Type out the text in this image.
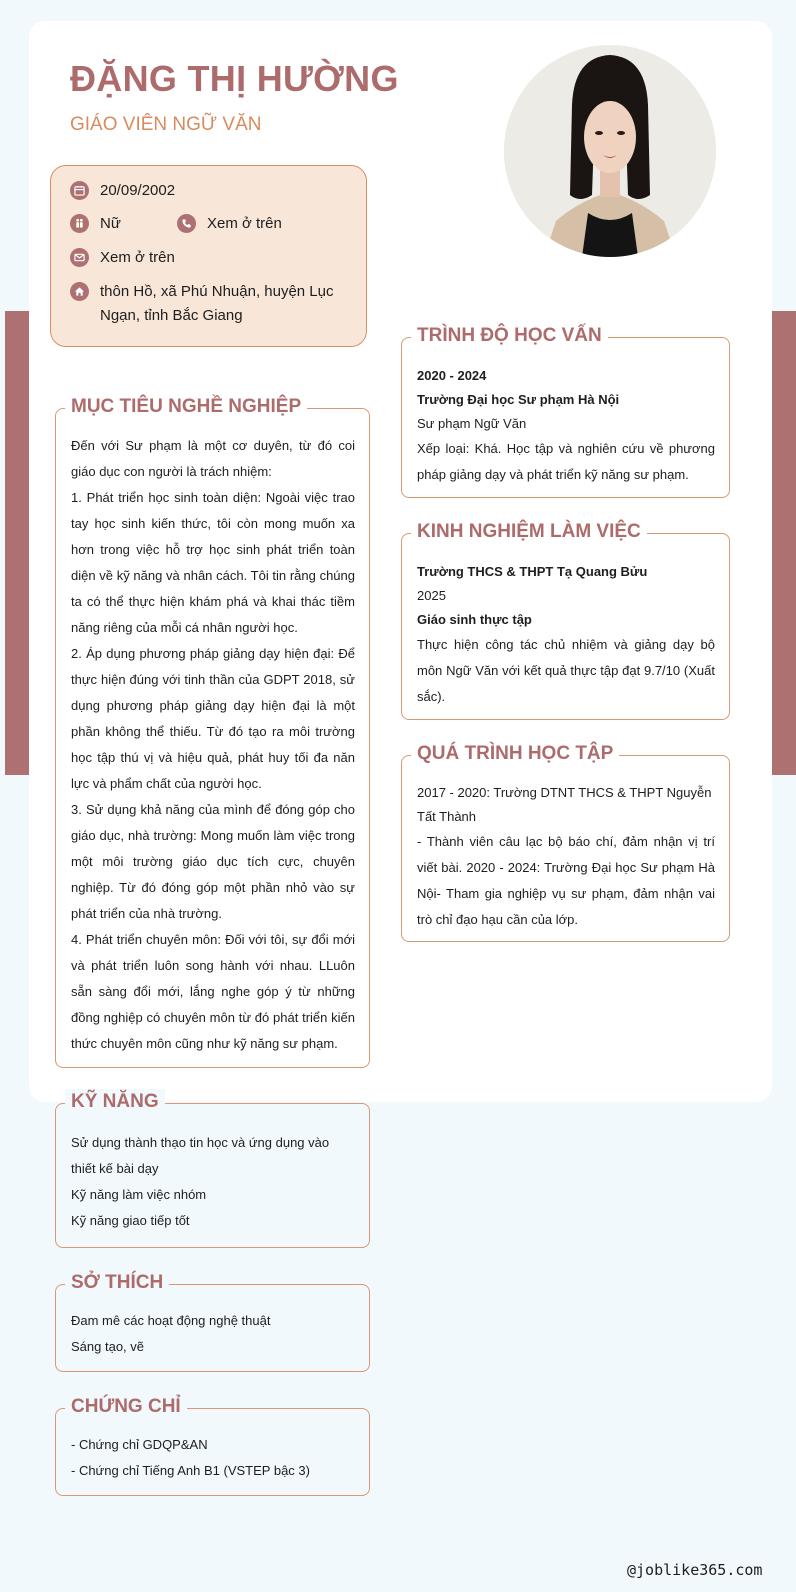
ĐẶNG THỊ HƯỜNG
GIÁO VIÊN NGỮ VĂN
20/09/2002
Nữ	Xem ở trên
Xem ở trên
thôn Hồ, xã Phú Nhuận, huyện Lục
Ngạn, tỉnh Bắc Giang
MỤC TIÊU NGHỀ NGHIỆP
Đến với Sư phạm là một cơ duyên, từ đó coi giáo dục con người là trách nhiệm:
1. Phát triển học sinh toàn diện: Ngoài việc trao tay học sinh kiến thức, tôi còn mong muốn xa hơn trong việc hỗ trợ học sinh phát triển toàn diện về kỹ năng và nhân cách. Tôi tin rằng chúng ta có thể thực hiện khám phá và khai thác tiềm năng riêng của mỗi cá nhân người học.
2. Áp dụng phương pháp giảng dạy hiện đại: Để thực hiện đúng với tinh thần của GDPT 2018, sử dụng phương pháp giảng dạy hiện đại là một phần không thể thiếu. Từ đó tạo ra môi trường học tập thú vị và hiệu quả, phát huy tối đa năn lực và phẩm chất của người học.
3. Sử dụng khả năng của mình để đóng góp cho giáo dục, nhà trường: Mong muốn làm việc trong một môi trường giáo dục tích cực, chuyên nghiệp. Từ đó đóng góp một phần nhỏ vào sự phát triển của nhà trường.
4. Phát triển chuyên môn: Đối với tôi, sự đổi mới và phát triển luôn song hành với nhau. LLuôn sẵn sàng đổi mới, lắng nghe góp ý từ những đồng nghiệp có chuyên môn từ đó phát triển kiến thức chuyên môn cũng như kỹ năng sư phạm.
KỸ NĂNG
Sử dụng thành thạo tin học và ứng dụng vào thiết kế bài dạy
Kỹ năng làm việc nhóm
Kỹ năng giao tiếp tốt
SỞ THÍCH
Đam mê các hoạt động nghệ thuật
Sáng tạo, vẽ
CHỨNG CHỈ
- Chứng chỉ GDQP&AN
- Chứng chỉ Tiếng Anh B1 (VSTEP bậc 3)
TRÌNH ĐỘ HỌC VẤN
2020 - 2024
Trường Đại học Sư phạm Hà Nội
Sư phạm Ngữ Văn
Xếp loại: Khá. Học tập và nghiên cứu về phương pháp giảng dạy và phát triển kỹ năng sư phạm.
KINH NGHIỆM LÀM VIỆC
Trường THCS & THPT Tạ Quang Bửu
2025
Giáo sinh thực tập
Thực hiện công tác chủ nhiệm và giảng dạy bộ môn Ngữ Văn với kết quả thực tập đạt 9.7/10 (Xuất sắc).
QUÁ TRÌNH HỌC TẬP
2017 - 2020: Trường DTNT THCS & THPT Nguyễn Tất Thành
- Thành viên câu lạc bộ báo chí, đảm nhận vị trí viết bài. 2020 - 2024: Trường Đại học Sư phạm Hà Nội- Tham gia nghiệp vụ sư phạm, đảm nhận vai trò chỉ đạo hạu cần của lớp.
@joblike365.com
